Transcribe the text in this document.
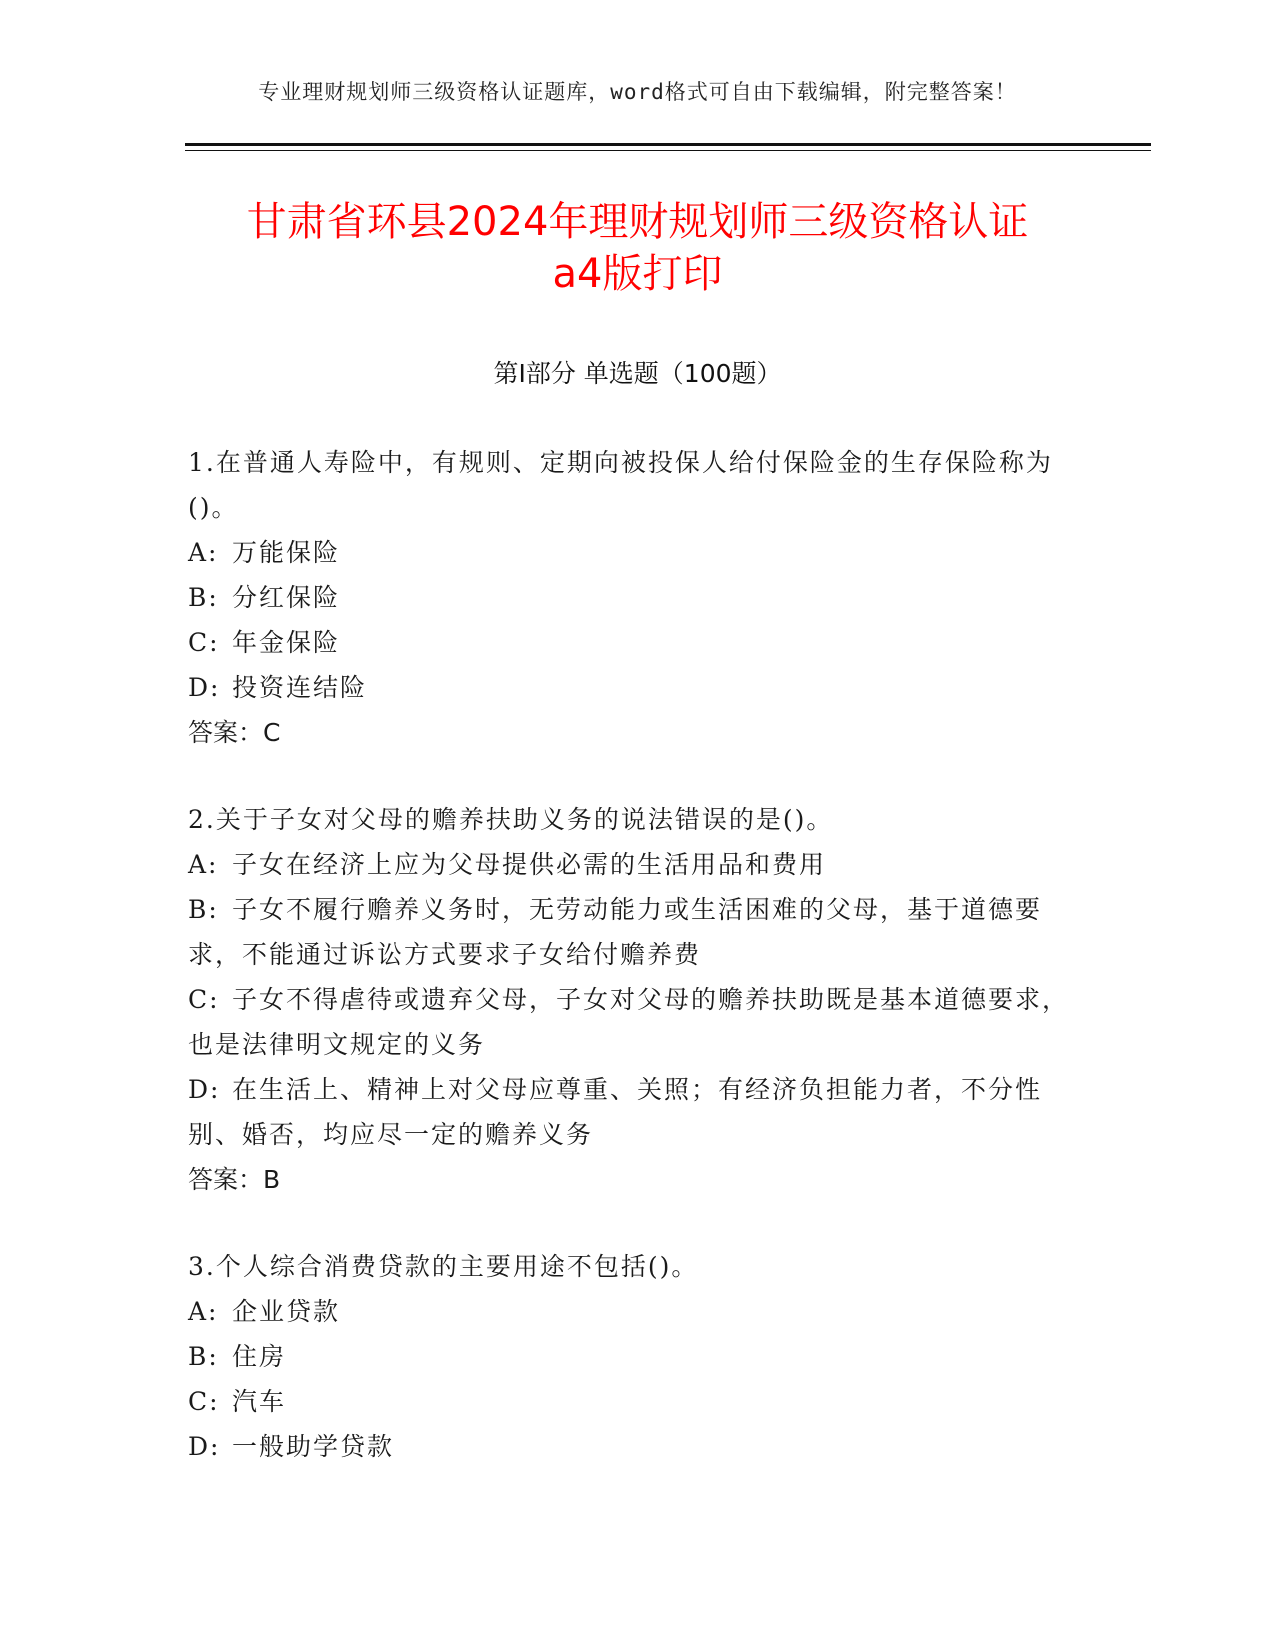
专业理财规划师三级资格认证题库，word格式可自由下载编辑，附完整答案！
甘肃省环县2024年理财规划师三级资格认证
a4版打印
第I部分 单选题（100题）
1.在普通人寿险中，有规则、定期向被投保人给付保险金的生存保险称为()。
A: 万能保险
B: 分红保险
C: 年金保险
D: 投资连结险
答案：C
2.关于子女对父母的赡养扶助义务的说法错误的是()。
A: 子女在经济上应为父母提供必需的生活用品和费用
B: 子女不履行赡养义务时，无劳动能力或生活困难的父母，基于道德要求，不能通过诉讼方式要求子女给付赡养费
C: 子女不得虐待或遗弃父母，子女对父母的赡养扶助既是基本道德要求，也是法律明文规定的义务
D: 在生活上、精神上对父母应尊重、关照；有经济负担能力者，不分性别、婚否，均应尽一定的赡养义务
答案：B
3.个人综合消费贷款的主要用途不包括()。
A: 企业贷款
B: 住房
C: 汽车
D: 一般助学贷款
